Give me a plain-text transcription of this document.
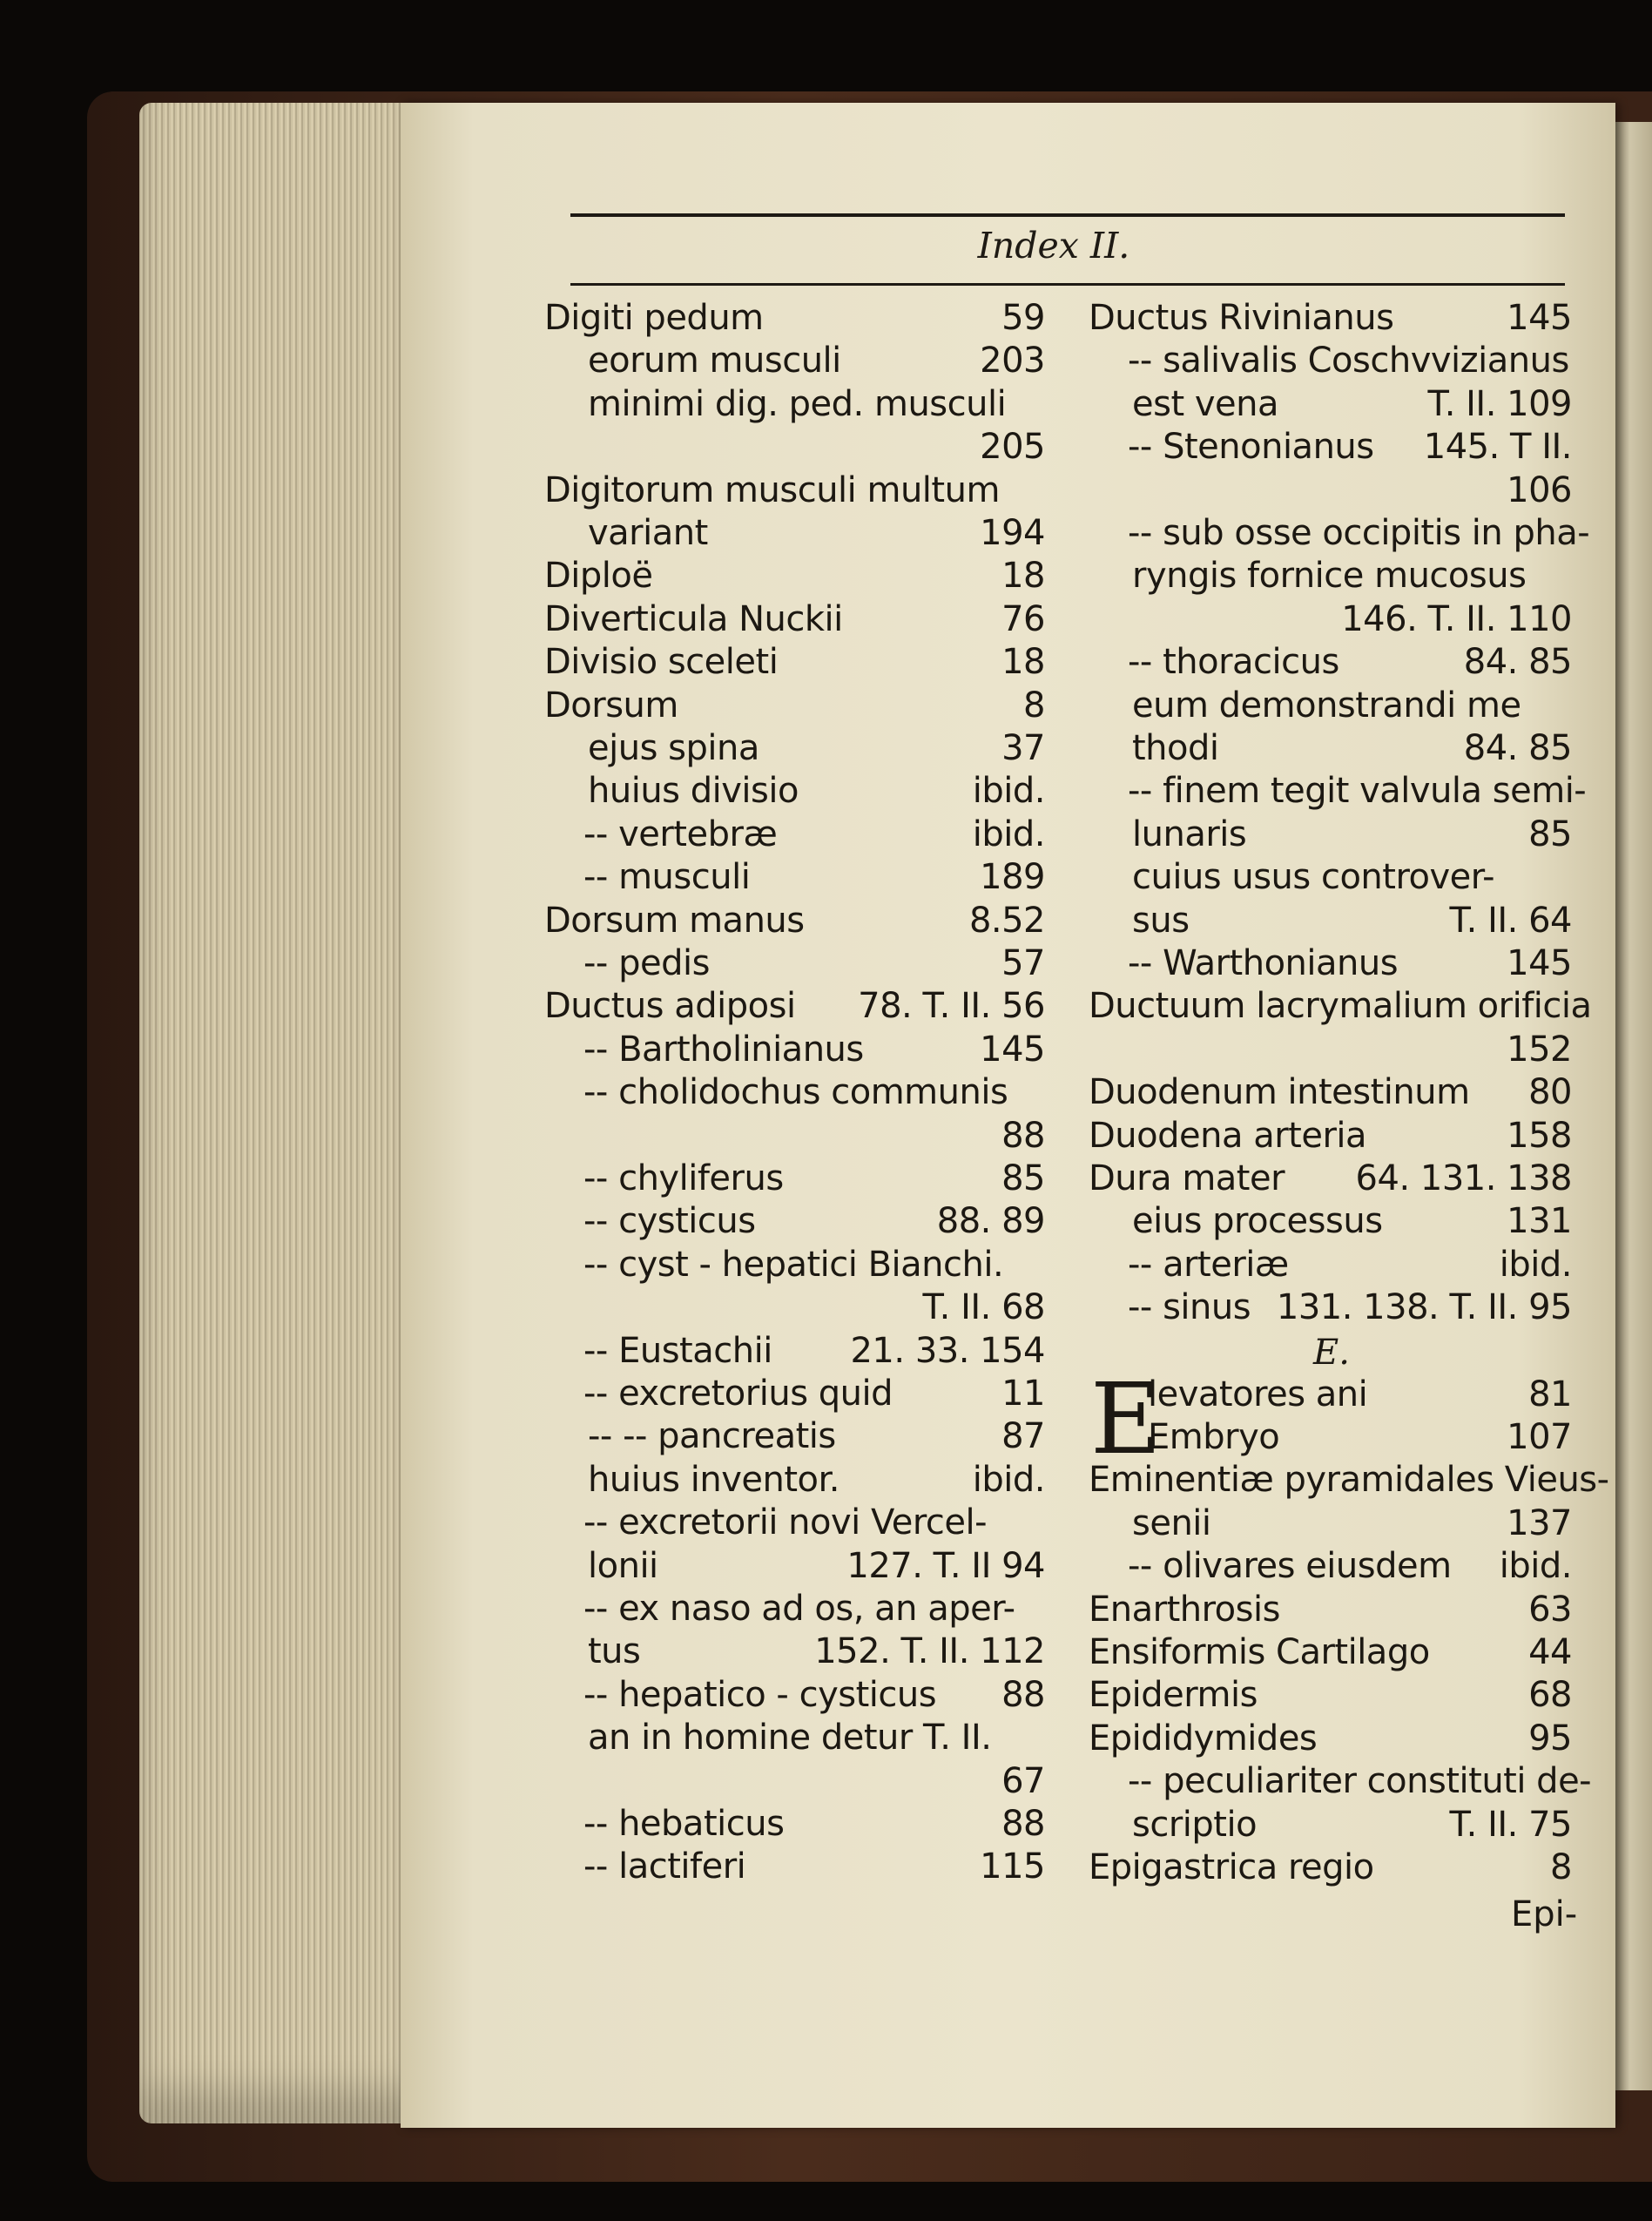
Index II.
Digiti pedum	59
eorum musculi	203
minimi dig. ped. musculi
205
Digitorum musculi multum
variant	194
Diploë	18
Diverticula Nuckii	76
Divisio sceleti	18
Dorsum	8
ejus spina	37
huius divisio	ibid.
-- vertebræ	ibid.
-- musculi	189
Dorsum manus	8.52
-- pedis	57
Ductus adiposi 78. T. II. 56
-- Bartholinianus	145
-- cholidochus communis
88
-- chyliferus	85
-- cysticus	88. 89
-- cyst - hepatici Bianchi.
T. II. 68
-- Eustachii 21. 33. 154
-- excretorius quid	11
-- -- pancreatis	87
huius inventor.	ibid.
-- excretorii novi Vercel-
lonii	127. T. II 94
-- ex naso ad os, an aper-
tus	152. T. II. 112
-- hepatico - cysticus 88
an in homine detur T. II.
67
-- hebaticus	88
-- lactiferi	115
Ductus Rivinianus	145
-- salivalis Coschvvizianus
est vena	T. II. 109
-- Stenonianus 145. T II.
106
-- sub osse occipitis in pha-
ryngis fornice mucosus
146. T. II. 110
-- thoracicus	84. 85
eum demonstrandi me
thodi	84. 85
-- finem tegit valvula semi-
lunaris	85
cuius usus controver-
sus	T. II. 64
-- Warthonianus	145
Ductuum lacrymalium orificia
152
Duodenum intestinum 80
Duodena arteria	158
Dura mater 64. 131. 138
eius processus	131
-- arteriæ	ibid.
-- sinus 131. 138. T. II. 95
levatores ani	81
Embryo	107
Eminentiæ pyramidales Vieus-
senii	137
-- olivares eiusdem ibid.
Enarthrosis	63
Ensiformis Cartilago	44
Epidermis	68
Epididymides	95
-- peculiariter constituti de-
scriptio	T. II. 75
Epigastrica regio	8
E.
E
Epi-
